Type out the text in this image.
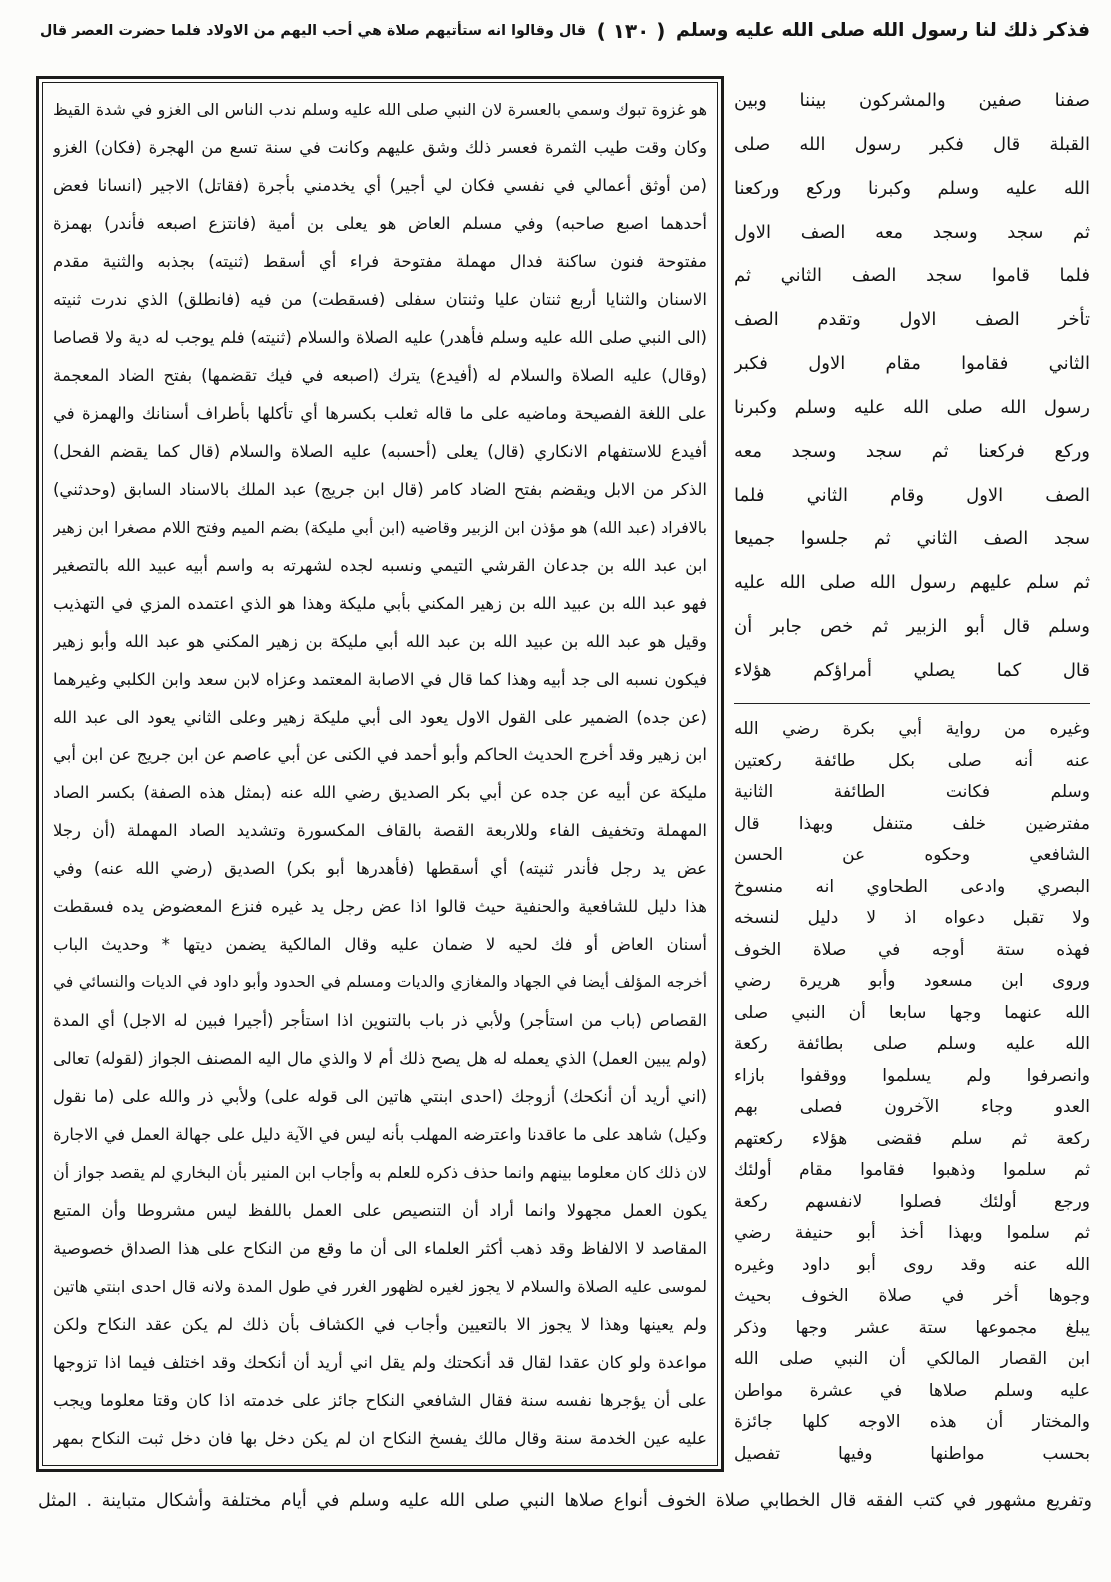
فذكر ذلك لنا رسول الله صلى الله عليه وسلم
( ١٣٠ )
قال وقالوا انه ستأتيهم صلاة هي أحب اليهم من الاولاد فلما حضرت العصر قال
هو غزوة تبوك وسمي بالعسرة لان النبي صلى الله عليه وسلم ندب الناس الى الغزو في شدة القيظ
وكان وقت طيب الثمرة فعسر ذلك وشق عليهم وكانت في سنة تسع من الهجرة (فكان) الغزو
(من أوثق أعمالي في نفسي فكان لي أجير) أي يخدمني بأجرة (فقاتل) الاجير (انسانا فعض
أحدهما اصبع صاحبه) وفي مسلم العاض هو يعلى بن أمية (فانتزع اصبعه فأندر) بهمزة
مفتوحة فنون ساكنة فدال مهملة مفتوحة فراء أي أسقط (ثنيته) بجذبه والثنية مقدم
الاسنان والثنايا أربع ثنتان عليا وثنتان سفلى (فسقطت) من فيه (فانطلق) الذي ندرت ثنيته
(الى النبي صلى الله عليه وسلم فأهدر) عليه الصلاة والسلام (ثنيته) فلم يوجب له دية ولا قصاصا
(وقال) عليه الصلاة والسلام له (أفيدع) يترك (اصبعه في فيك تقضمها) بفتح الضاد المعجمة
على اللغة الفصيحة وماضيه على ما قاله ثعلب بكسرها أي تأكلها بأطراف أسنانك والهمزة في
أفيدع للاستفهام الانكاري (قال) يعلى (أحسبه) عليه الصلاة والسلام (قال كما يقضم الفحل)
الذكر من الابل ويقضم بفتح الضاد كامر (قال ابن جريج) عبد الملك بالاسناد السابق (وحدثني)
بالافراد (عبد الله) هو مؤذن ابن الزبير وقاضيه (ابن أبي مليكة) بضم الميم وفتح اللام مصغرا ابن زهير
ابن عبد الله بن جدعان القرشي التيمي ونسبه لجده لشهرته به واسم أبيه عبيد الله بالتصغير
فهو عبد الله بن عبيد الله بن زهير المكني بأبي مليكة وهذا هو الذي اعتمده المزي في التهذيب
وقيل هو عبد الله بن عبيد الله بن عبد الله أبي مليكة بن زهير المكني هو عبد الله وأبو زهير
فيكون نسبه الى جد أبيه وهذا كما قال في الاصابة المعتمد وعزاه لابن سعد وابن الكلبي وغيرهما
(عن جده) الضمير على القول الاول يعود الى أبي مليكة زهير وعلى الثاني يعود الى عبد الله
ابن زهير وقد أخرج الحديث الحاكم وأبو أحمد في الكنى عن أبي عاصم عن ابن جريج عن ابن أبي
مليكة عن أبيه عن جده عن أبي بكر الصديق رضي الله عنه (بمثل هذه الصفة) بكسر الصاد
المهملة وتخفيف الفاء وللاربعة القصة بالقاف المكسورة وتشديد الصاد المهملة (أن رجلا
عض يد رجل فأندر ثنيته) أي أسقطها (فأهدرها أبو بكر) الصديق (رضي الله عنه) وفي
هذا دليل للشافعية والحنفية حيث قالوا اذا عض رجل يد غيره فنزع المعضوض يده فسقطت
أسنان العاض أو فك لحيه لا ضمان عليه وقال المالكية يضمن ديتها * وحديث الباب
أخرجه المؤلف أيضا في الجهاد والمغازي والديات ومسلم في الحدود وأبو داود في الديات والنسائي في
القصاص (باب من استأجر) ولأبي ذر باب بالتنوين اذا استأجر (أجيرا فبين له الاجل) أي المدة
(ولم يبين العمل) الذي يعمله له هل يصح ذلك أم لا والذي مال اليه المصنف الجواز (لقوله) تعالى
(اني أريد أن أنكحك) أزوجك (احدى ابنتي هاتين الى قوله على) ولأبي ذر والله على (ما نقول
وكيل) شاهد على ما عاقدنا واعترضه المهلب بأنه ليس في الآية دليل على جهالة العمل في الاجارة
لان ذلك كان معلوما بينهم وانما حذف ذكره للعلم به وأجاب ابن المنير بأن البخاري لم يقصد جواز أن
يكون العمل مجهولا وانما أراد أن التنصيص على العمل باللفظ ليس مشروطا وأن المتبع
المقاصد لا الالفاظ وقد ذهب أكثر العلماء الى أن ما وقع من النكاح على هذا الصداق خصوصية
لموسى عليه الصلاة والسلام لا يجوز لغيره لظهور الغرر في طول المدة ولانه قال احدى ابنتي هاتين
ولم يعينها وهذا لا يجوز الا بالتعيين وأجاب في الكشاف بأن ذلك لم يكن عقد النكاح ولكن
مواعدة ولو كان عقدا لقال قد أنكحتك ولم يقل اني أريد أن أنكحك وقد اختلف فيما اذا تزوجها
على أن يؤجرها نفسه سنة فقال الشافعي النكاح جائز على خدمته اذا كان وقتا معلوما ويجب
عليه عين الخدمة سنة وقال مالك يفسخ النكاح ان لم يكن دخل بها فان دخل ثبت النكاح بمهر
صفنا صفين والمشركون بيننا وبين
القبلة قال فكبر رسول الله صلى
الله عليه وسلم وكبرنا وركع وركعنا
ثم سجد وسجد معه الصف الاول
فلما قاموا سجد الصف الثاني ثم
تأخر الصف الاول وتقدم الصف
الثاني فقاموا مقام الاول فكبر
رسول الله صلى الله عليه وسلم وكبرنا
وركع فركعنا ثم سجد وسجد معه
الصف الاول وقام الثاني فلما
سجد الصف الثاني ثم جلسوا جميعا
ثم سلم عليهم رسول الله صلى الله عليه
وسلم قال أبو الزبير ثم خص جابر أن
قال كما يصلي أمراؤكم هؤلاء
وغيره من رواية أبي بكرة رضي الله
عنه أنه صلى بكل طائفة ركعتين
وسلم فكانت الطائفة الثانية
مفترضين خلف متنفل وبهذا قال
الشافعي وحكوه عن الحسن
البصري وادعى الطحاوي انه منسوخ
ولا تقبل دعواه اذ لا دليل لنسخه
فهذه ستة أوجه في صلاة الخوف
وروى ابن مسعود وأبو هريرة رضي
الله عنهما وجها سابعا أن النبي صلى
الله عليه وسلم صلى بطائفة ركعة
وانصرفوا ولم يسلموا ووقفوا بازاء
العدو وجاء الآخرون فصلى بهم
ركعة ثم سلم فقضى هؤلاء ركعتهم
ثم سلموا وذهبوا فقاموا مقام أولئك
ورجع أولئك فصلوا لانفسهم ركعة
ثم سلموا وبهذا أخذ أبو حنيفة رضي
الله عنه وقد روى أبو داود وغيره
وجوها أخر في صلاة الخوف بحيث
يبلغ مجموعها ستة عشر وجها وذكر
ابن القصار المالكي أن النبي صلى الله
عليه وسلم صلاها في عشرة مواطن
والمختار أن هذه الاوجه كلها جائزة
بحسب مواطنها وفيها تفصيل
وتفريع مشهور في كتب الفقه قال الخطابي صلاة الخوف أنواع صلاها النبي صلى الله عليه وسلم في أيام مختلفة وأشكال متباينة . المثل
